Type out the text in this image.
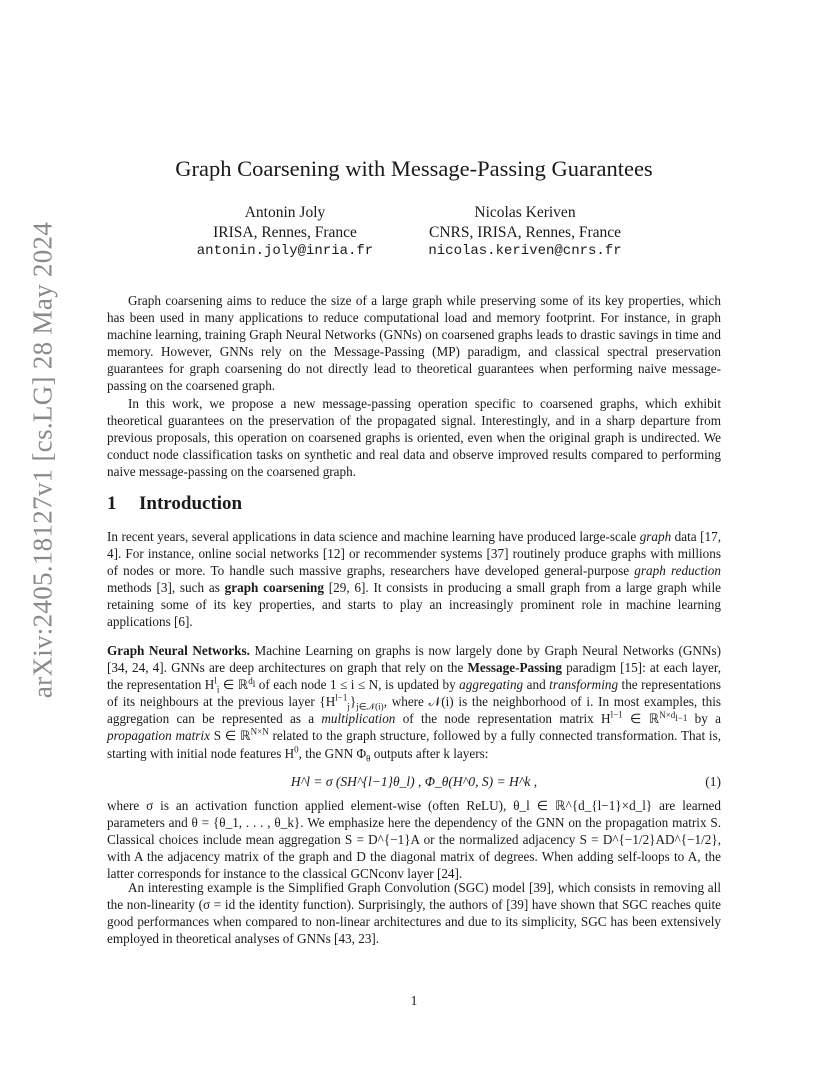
arXiv:2405.18127v1 [cs.LG] 28 May 2024
Graph Coarsening with Message-Passing Guarantees
Antonin Joly
IRISA, Rennes, France
antonin.joly@inria.fr
Nicolas Keriven
CNRS, IRISA, Rennes, France
nicolas.keriven@cnrs.fr

Graph coarsening aims to reduce the size of a large graph while preserving some of its key properties, which has been used in many applications to reduce computational load and memory footprint. For instance, in graph machine learning, training Graph Neural Networks (GNNs) on coarsened graphs leads to drastic savings in time and memory. However, GNNs rely on the Message-Passing (MP) paradigm, and classical spectral preservation guarantees for graph coarsening do not directly lead to theoretical guarantees when performing naive message-passing on the coarsened graph.

In this work, we propose a new message-passing operation specific to coarsened graphs, which exhibit theoretical guarantees on the preservation of the propagated signal. Interestingly, and in a sharp departure from previous proposals, this operation on coarsened graphs is oriented, even when the original graph is undirected. We conduct node classification tasks on synthetic and real data and observe improved results compared to performing naive message-passing on the coarsened graph.

1 Introduction

In recent years, several applications in data science and machine learning have produced large-scale graph data [17, 4]. For instance, online social networks [12] or recommender systems [37] routinely produce graphs with millions of nodes or more. To handle such massive graphs, researchers have developed general-purpose graph reduction methods [3], such as graph coarsening [29, 6]. It consists in producing a small graph from a large graph while retaining some of its key properties, and starts to play an increasingly prominent role in machine learning applications [6].

Graph Neural Networks. Machine Learning on graphs is now largely done by Graph Neural Networks (GNNs) [34, 24, 4]. GNNs are deep architectures on graph that rely on the Message-Passing paradigm [15]: at each layer, the representation $H^l_i$ ∈ ℝ$^{d_l}$ of each node 1 ≤ i ≤ N, is updated by aggregating and transforming the representations of its neighbours at the previous layer $\{H^{l-1}_j\}_{j\in 𝒩(i)}$, where 𝒩(i) is the neighborhood of i. In most examples, this aggregation can be represented as a multiplication of the node representation matrix $H^{l-1}$ ∈ ℝ$^{N\times d_{l-1}}$ by a propagation matrix S ∈ ℝ$^{N\times N}$ related to the graph structure, followed by a fully connected transformation. That is, starting with initial node features $H^0$, the GNN $\Phi_\theta$ outputs after k layers:

H^l = σ (SH^{l−1}θ_l) , Φ_θ(H^0, S) = H^k ,	(1)

where σ is an activation function applied element-wise (often ReLU), θ_l ∈ ℝ^{d_{l−1}×d_l} are learned parameters and θ = {θ_1, . . . , θ_k}. We emphasize here the dependency of the GNN on the propagation matrix S. Classical choices include mean aggregation S = D^{−1}A or the normalized adjacency S = D^{−1/2}AD^{−1/2}, with A the adjacency matrix of the graph and D the diagonal matrix of degrees. When adding self-loops to A, the latter corresponds for instance to the classical GCNconv layer [24].

An interesting example is the Simplified Graph Convolution (SGC) model [39], which consists in removing all the non-linearity (σ = id the identity function). Surprisingly, the authors of [39] have shown that SGC reaches quite good performances when compared to non-linear architectures and due to its simplicity, SGC has been extensively employed in theoretical analyses of GNNs [43, 23].

1
